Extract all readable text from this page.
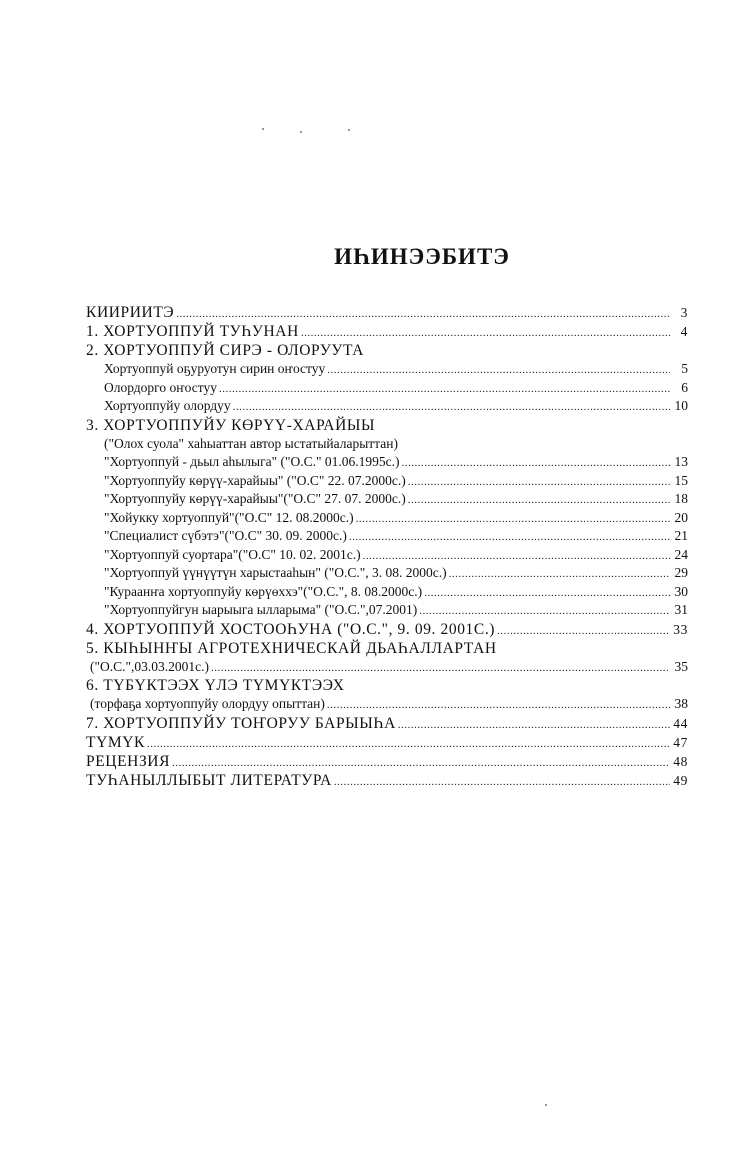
ИҺИНЭЭБИТЭ
КИИРИИТЭ .....	3
1. ХОРТУОППУЙ ТУҺУНАН .....	4
2. ХОРТУОППУЙ СИРЭ - ОЛОРУУТА
Хортуоппуй оҕуруотун сирин оҥостуу .....	5
Олордорго оҥостуу .....	6
Хортуоппуйу олордуу .....	10
3. ХОРТУОППУЙУ КӨРҮҮ-ХАРАЙЫЫ
("Олох суола" хаһыаттан автор ыстатыйаларыттан)
"Хортуоппуй - дьыл аһылыга" ("О.С." 01.06.1995с.) .....	13
"Хортуоппуйу көрүү-харайыы" ("О.С" 22. 07.2000с.) .....	15
"Хортуоппуйу көрүү-харайыы"("О.С" 27. 07. 2000с.) .....	18
"Хойукку хортуоппуй"("О.С" 12. 08.2000с.) .....	20
"Специалист сүбэтэ"("О.С" 30. 09. 2000с.) .....	21
"Хортуоппуй суортара"("О.С" 10. 02. 2001с.) .....	24
"Хортуоппуй үүнүүтүн харыстааһын" ("О.С.", 3. 08. 2000с.) .....	29
"Кураанҥа хортуоппуйу көрүөххэ"("О.С.", 8. 08.2000с.) .....	30
"Хортуоппуйгун ыарыыга ылларыма" ("О.С.",07.2001) .....	31
4. ХОРТУОППУЙ ХОСТООҺУНА ("О.С.", 9. 09. 2001С.) .....	33
5. КЫҺЫНҤЫ АГРОТЕХНИЧЕСКАЙ ДЬАҺАЛЛАРТАН
("О.С.",03.03.2001с.) .....	35
6. ТҮБҮКТЭЭХ ҮЛЭ ТҮМҮКТЭЭХ
(торфаҕа хортуоппуйу олордуу опыттан) .....	38
7. ХОРТУОППУЙУ ТОҤОРУУ БАРЫЫҺА .....	44
ТҮМҮК .....	47
РЕЦЕНЗИЯ .....	48
ТУҺАНЫЛЛЫБЫТ ЛИТЕРАТУРА .....	49
